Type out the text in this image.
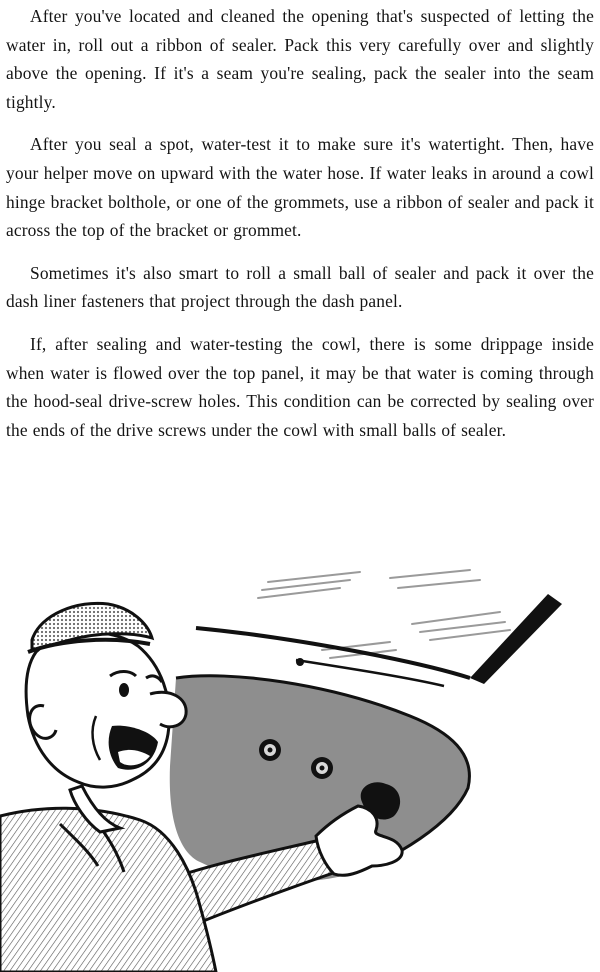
After you've located and cleaned the opening that's suspected of letting the water in, roll out a ribbon of sealer. Pack this very carefully over and slightly above the opening. If it's a seam you're sealing, pack the sealer into the seam tightly.

After you seal a spot, water-test it to make sure it's watertight. Then, have your helper move on upward with the water hose. If water leaks in around a cowl hinge bracket bolthole, or one of the grommets, use a ribbon of sealer and pack it across the top of the bracket or grommet.

Sometimes it's also smart to roll a small ball of sealer and pack it over the dash liner fasteners that project through the dash panel.

If, after sealing and water-testing the cowl, there is some drippage inside when water is flowed over the top panel, it may be that water is coming through the hood-seal drive-screw holes. This condition can be corrected by sealing over the ends of the drive screws under the cowl with small balls of sealer.
